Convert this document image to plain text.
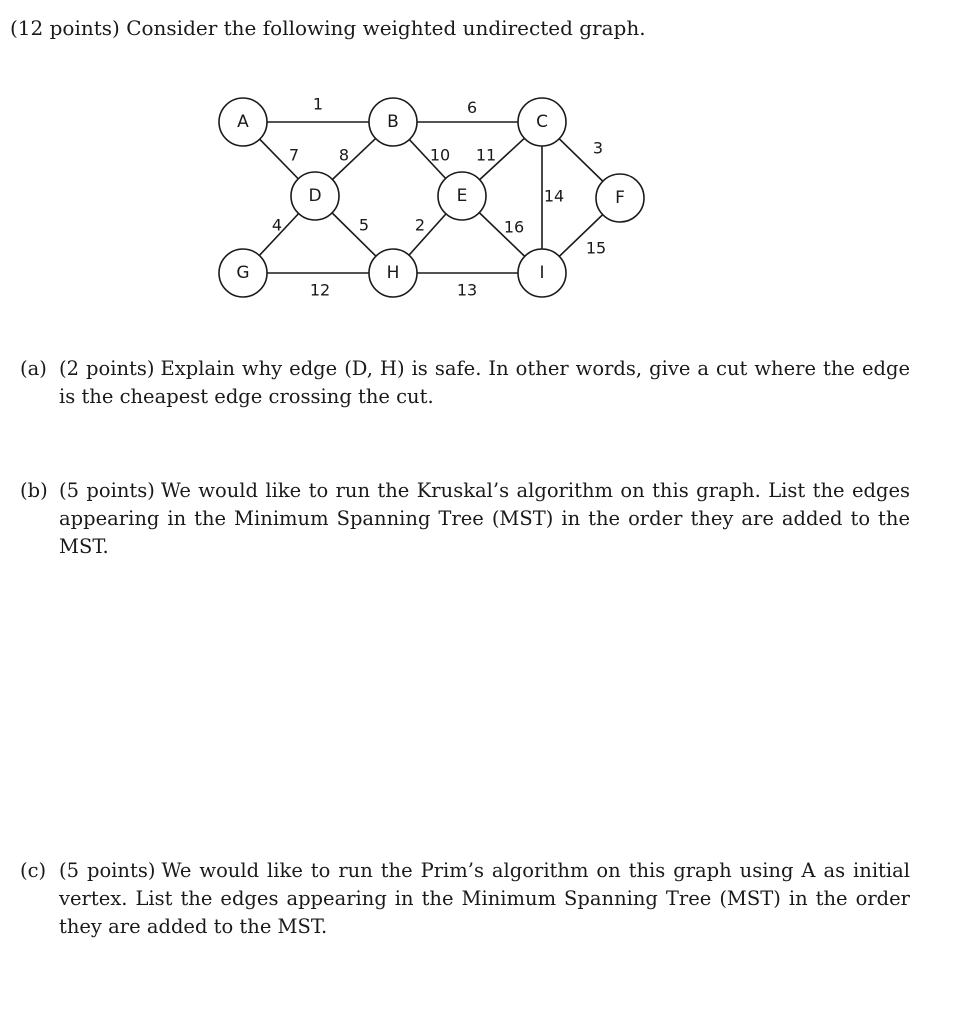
(12 points) Consider the following weighted undirected graph.
1	9
3
7 8	10 11
14
4	5	2	16
15
12	13
A	B	C
D	E	F
G	H	I
(a) (2 points) Explain why edge (D, H) is safe. In other words, give a cut where the edge is the cheapest edge crossing the cut.
(b) (5 points) We would like to run the Kruskal’s algorithm on this graph. List the edges appearing in the Minimum Spanning Tree (MST) in the order they are added to the MST.
(c) (5 points) We would like to run the Prim’s algorithm on this graph using A as initial vertex. List the edges appearing in the Minimum Spanning Tree (MST) in the order they are added to the MST.
